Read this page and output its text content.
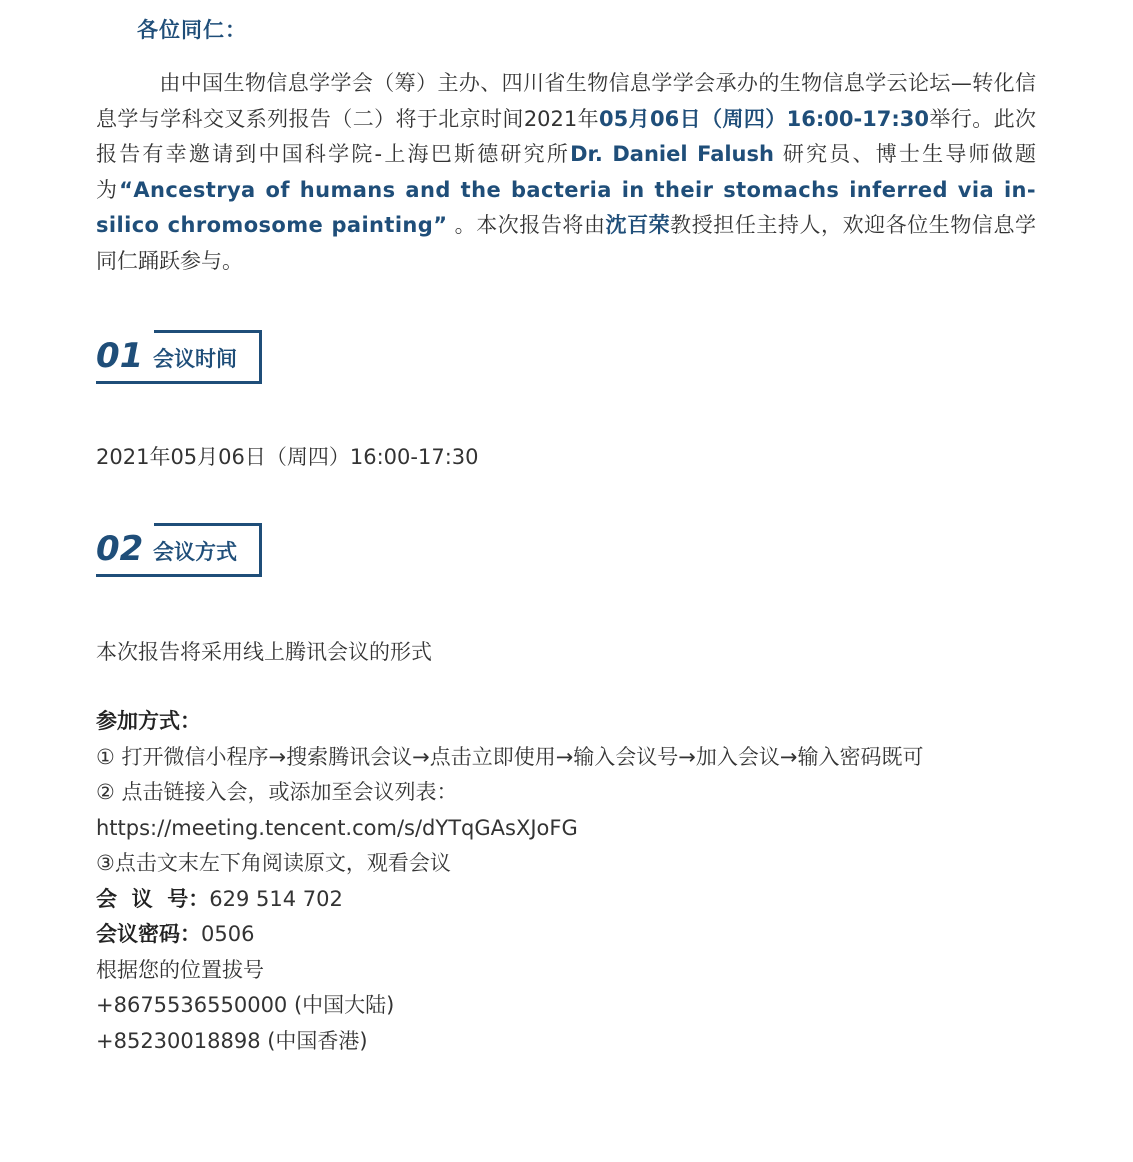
各位同仁：
由中国生物信息学学会（筹）主办、四川省生物信息学学会承办的生物信息学云论坛—转化信息学与学科交叉系列报告（二）将于北京时间2021年05月06日（周四）16:00-17:30举行。此次报告有幸邀请到中国科学院-上海巴斯德研究所Dr. Daniel Falush 研究员、博士生导师做题为“Ancestrya of humans and the bacteria in their stomachs inferred via in-silico chromosome painting” 。本次报告将由沈百荣教授担任主持人，欢迎各位生物信息学同仁踊跃参与。
01 会议时间
2021年05月06日（周四）16:00-17:30
02 会议方式
本次报告将采用线上腾讯会议的形式
参加方式：
① 打开微信小程序→搜索腾讯会议→点击立即使用→输入会议号→加入会议→输入密码既可
② 点击链接入会，或添加至会议列表：
https://meeting.tencent.com/s/dYTqGAsXJoFG
③点击文末左下角阅读原文，观看会议
会  议  号：629 514 702
会议密码：0506
根据您的位置拔号
+8675536550000 (中国大陆)
+85230018898 (中国香港)
